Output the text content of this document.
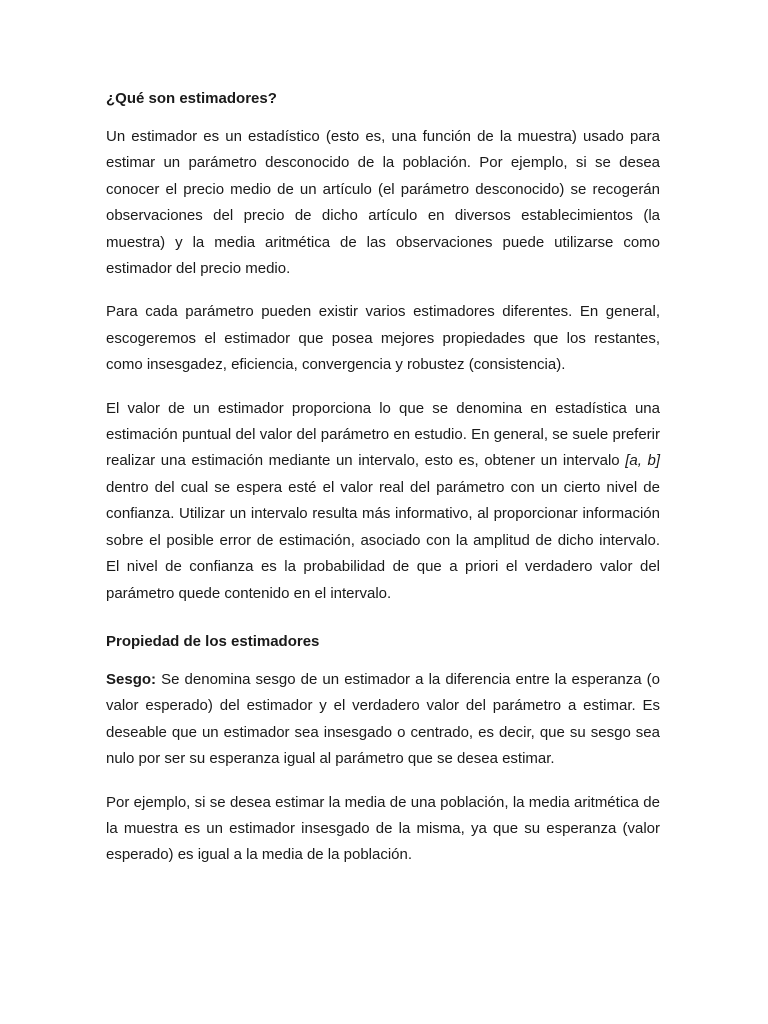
¿Qué son estimadores?

Un estimador es un estadístico (esto es, una función de la muestra) usado para estimar un parámetro desconocido de la población. Por ejemplo, si se desea conocer el precio medio de un artículo (el parámetro desconocido) se recogerán observaciones del precio de dicho artículo en diversos establecimientos (la muestra) y la media aritmética de las observaciones puede utilizarse como estimador del precio medio.

Para cada parámetro pueden existir varios estimadores diferentes. En general, escogeremos el estimador que posea mejores propiedades que los restantes, como insesgadez, eficiencia, convergencia y robustez (consistencia).

El valor de un estimador proporciona lo que se denomina en estadística una estimación puntual del valor del parámetro en estudio. En general, se suele preferir realizar una estimación mediante un intervalo, esto es, obtener un intervalo [a, b] dentro del cual se espera esté el valor real del parámetro con un cierto nivel de confianza. Utilizar un intervalo resulta más informativo, al proporcionar información sobre el posible error de estimación, asociado con la amplitud de dicho intervalo. El nivel de confianza es la probabilidad de que a priori el verdadero valor del parámetro quede contenido en el intervalo.

Propiedad de los estimadores

Sesgo: Se denomina sesgo de un estimador a la diferencia entre la esperanza (o valor esperado) del estimador y el verdadero valor del parámetro a estimar. Es deseable que un estimador sea insesgado o centrado, es decir, que su sesgo sea nulo por ser su esperanza igual al parámetro que se desea estimar.

Por ejemplo, si se desea estimar la media de una población, la media aritmética de la muestra es un estimador insesgado de la misma, ya que su esperanza (valor esperado) es igual a la media de la población.
